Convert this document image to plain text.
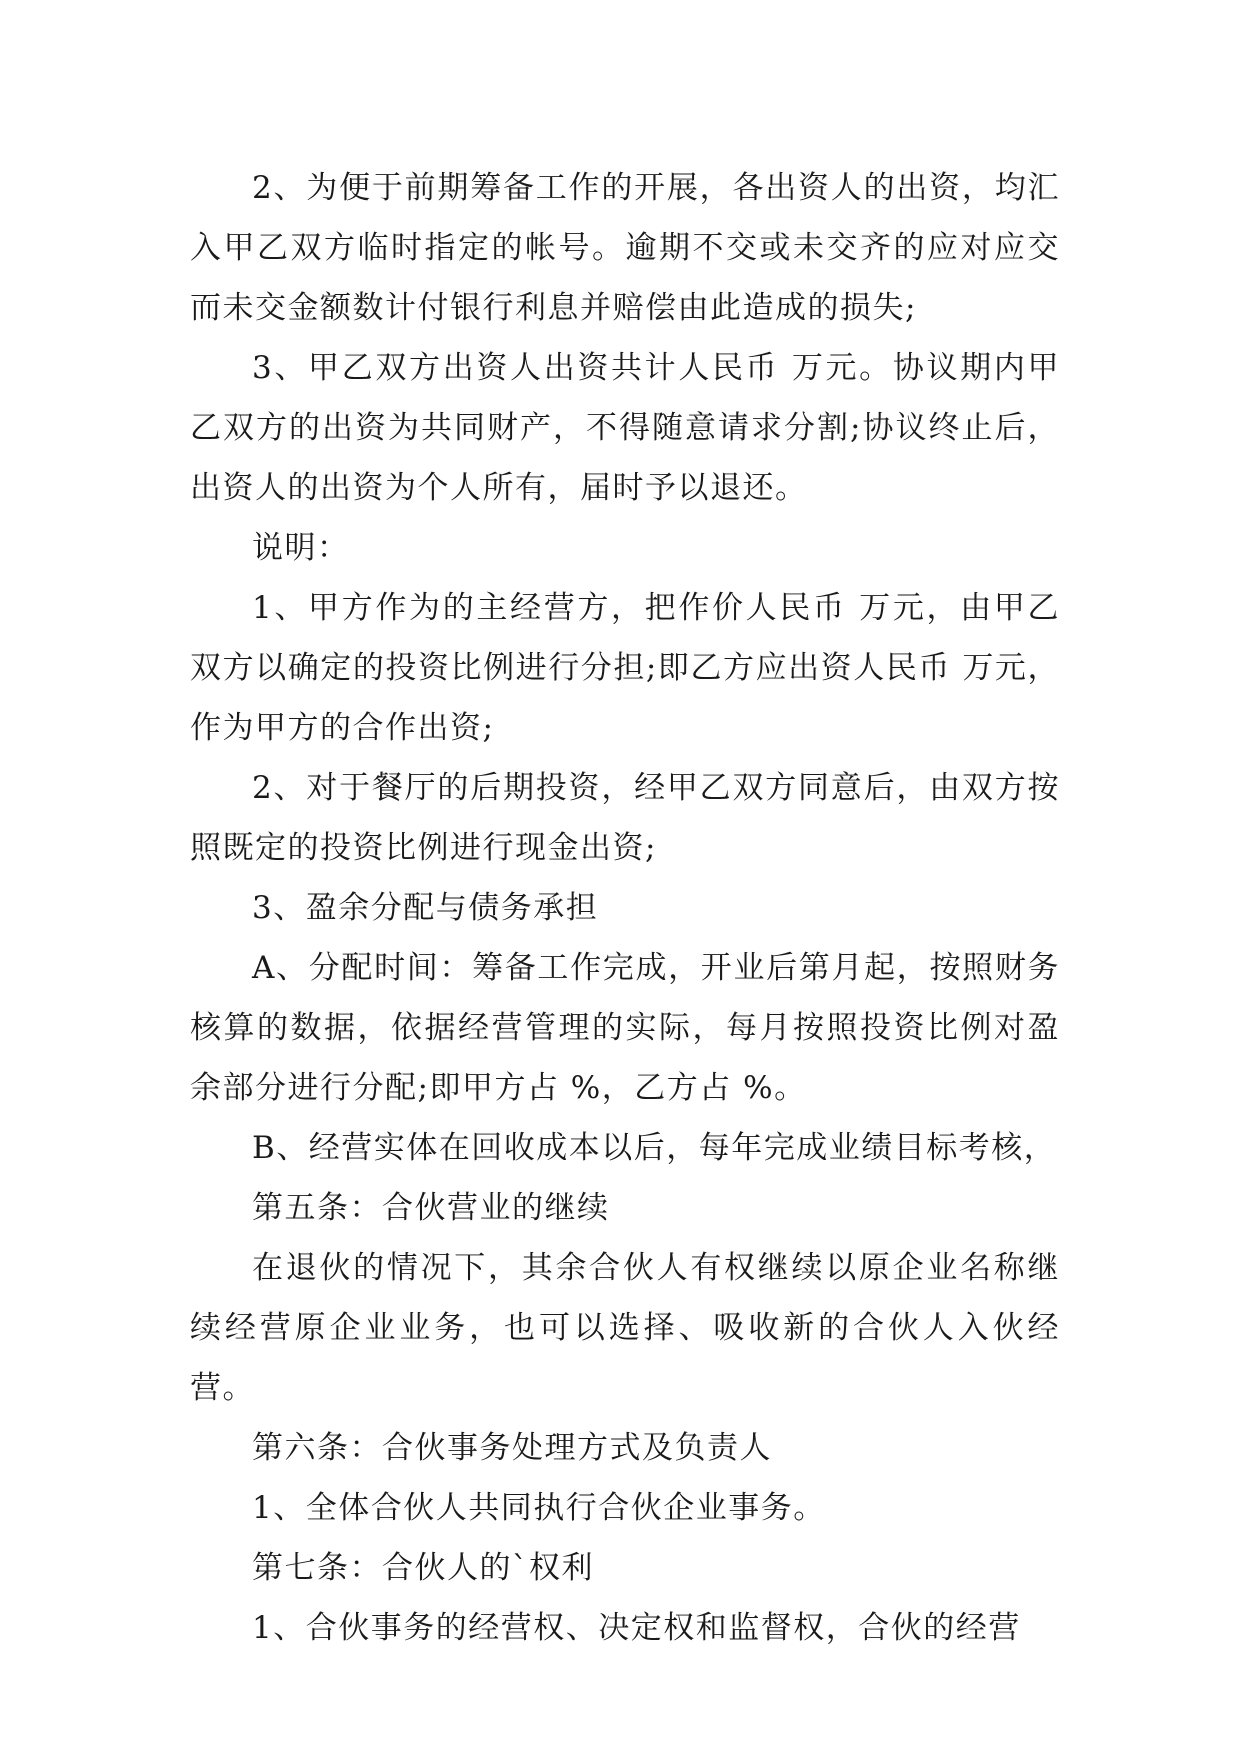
2、为便于前期筹备工作的开展，各出资人的出资，均汇入甲乙双方临时指定的帐号。逾期不交或未交齐的应对应交而未交金额数计付银行利息并赔偿由此造成的损失;

3、甲乙双方出资人出资共计人民币 万元。协议期内甲乙双方的出资为共同财产，不得随意请求分割;协议终止后，出资人的出资为个人所有，届时予以退还。

说明：

1、甲方作为的主经营方，把作价人民币 万元，由甲乙双方以确定的投资比例进行分担;即乙方应出资人民币 万元，作为甲方的合作出资;

2、对于餐厅的后期投资，经甲乙双方同意后，由双方按照既定的投资比例进行现金出资;

3、盈余分配与债务承担

A、分配时间：筹备工作完成，开业后第月起，按照财务核算的数据，依据经营管理的实际，每月按照投资比例对盈余部分进行分配;即甲方占 %，乙方占 %。

B、经营实体在回收成本以后，每年完成业绩目标考核，

第五条：合伙营业的继续

在退伙的情况下，其余合伙人有权继续以原企业名称继续经营原企业业务，也可以选择、吸收新的合伙人入伙经营。

第六条：合伙事务处理方式及负责人

1、全体合伙人共同执行合伙企业事务。

第七条：合伙人的`权利

1、合伙事务的经营权、决定权和监督权，合伙的经营
